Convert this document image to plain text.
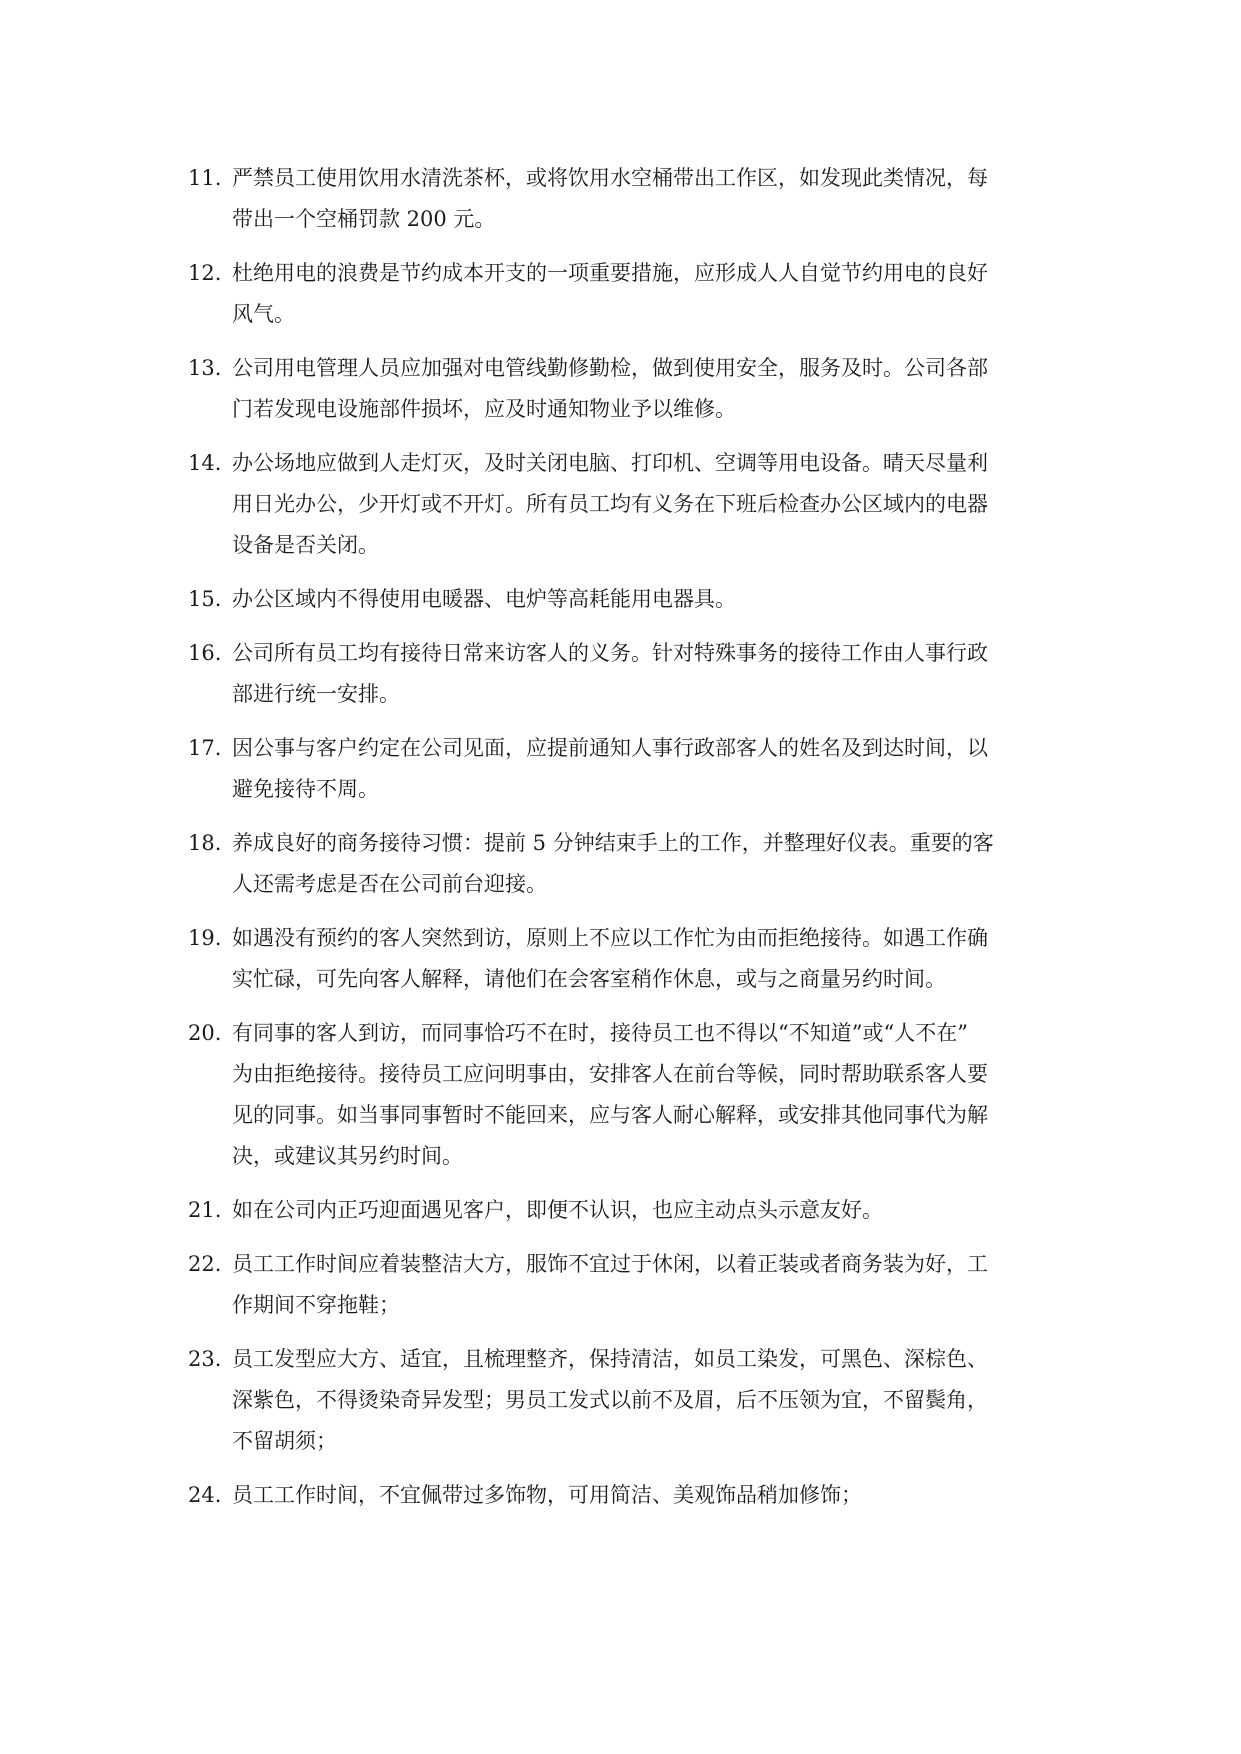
11. 严禁员工使用饮用水清洗茶杯，或将饮用水空桶带出工作区，如发现此类情况，每
带出一个空桶罚款 200 元。
12. 杜绝用电的浪费是节约成本开支的一项重要措施，应形成人人自觉节约用电的良好
风气。
13. 公司用电管理人员应加强对电管线勤修勤检，做到使用安全，服务及时。公司各部
门若发现电设施部件损坏，应及时通知物业予以维修。
14. 办公场地应做到人走灯灭，及时关闭电脑、打印机、空调等用电设备。晴天尽量利
用日光办公，少开灯或不开灯。所有员工均有义务在下班后检查办公区域内的电器
设备是否关闭。
15. 办公区域内不得使用电暖器、电炉等高耗能用电器具。
16. 公司所有员工均有接待日常来访客人的义务。针对特殊事务的接待工作由人事行政
部进行统一安排。
17. 因公事与客户约定在公司见面，应提前通知人事行政部客人的姓名及到达时间，以
避免接待不周。
18. 养成良好的商务接待习惯：提前 5 分钟结束手上的工作，并整理好仪表。重要的客
人还需考虑是否在公司前台迎接。
19. 如遇没有预约的客人突然到访，原则上不应以工作忙为由而拒绝接待。如遇工作确
实忙碌，可先向客人解释，请他们在会客室稍作休息，或与之商量另约时间。
20. 有同事的客人到访，而同事恰巧不在时，接待员工也不得以“不知道”或“人不在”
为由拒绝接待。接待员工应问明事由，安排客人在前台等候，同时帮助联系客人要
见的同事。如当事同事暂时不能回来，应与客人耐心解释，或安排其他同事代为解
决，或建议其另约时间。
21. 如在公司内正巧迎面遇见客户，即便不认识，也应主动点头示意友好。
22. 员工工作时间应着装整洁大方，服饰不宜过于休闲，以着正装或者商务装为好，工
作期间不穿拖鞋；
23. 员工发型应大方、适宜，且梳理整齐，保持清洁，如员工染发，可黑色、深棕色、
深紫色，不得烫染奇异发型；男员工发式以前不及眉，后不压领为宜，不留鬓角，
不留胡须；
24. 员工工作时间，不宜佩带过多饰物，可用简洁、美观饰品稍加修饰；
